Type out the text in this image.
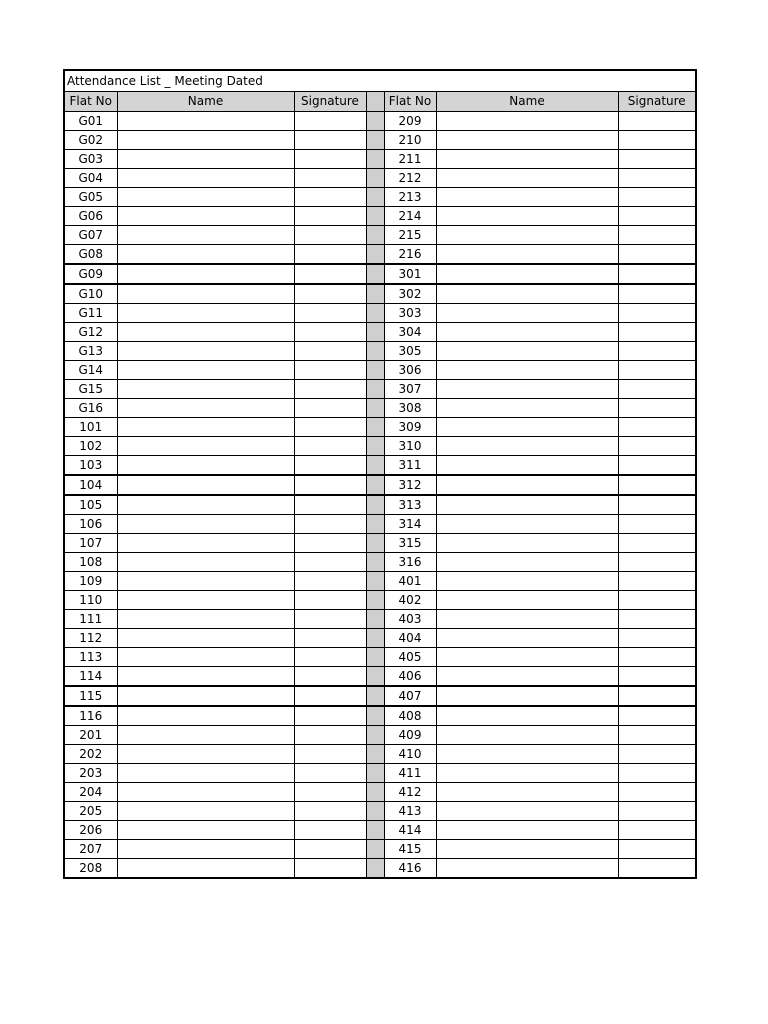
Attendance List _ Meeting Dated
Flat No	Name	Signature		Flat No	Name	Signature
G01				209		
G02				210		
G03				211		
G04				212		
G05				213		
G06				214		
G07				215		
G08				216		
G09				301		
G10				302		
G11				303		
G12				304		
G13				305		
G14				306		
G15				307		
G16				308		
101				309		
102				310		
103				311		
104				312		
105				313		
106				314		
107				315		
108				316		
109				401		
110				402		
111				403		
112				404		
113				405		
114				406		
115				407		
116				408		
201				409		
202				410		
203				411		
204				412		
205				413		
206				414		
207				415		
208				416		
